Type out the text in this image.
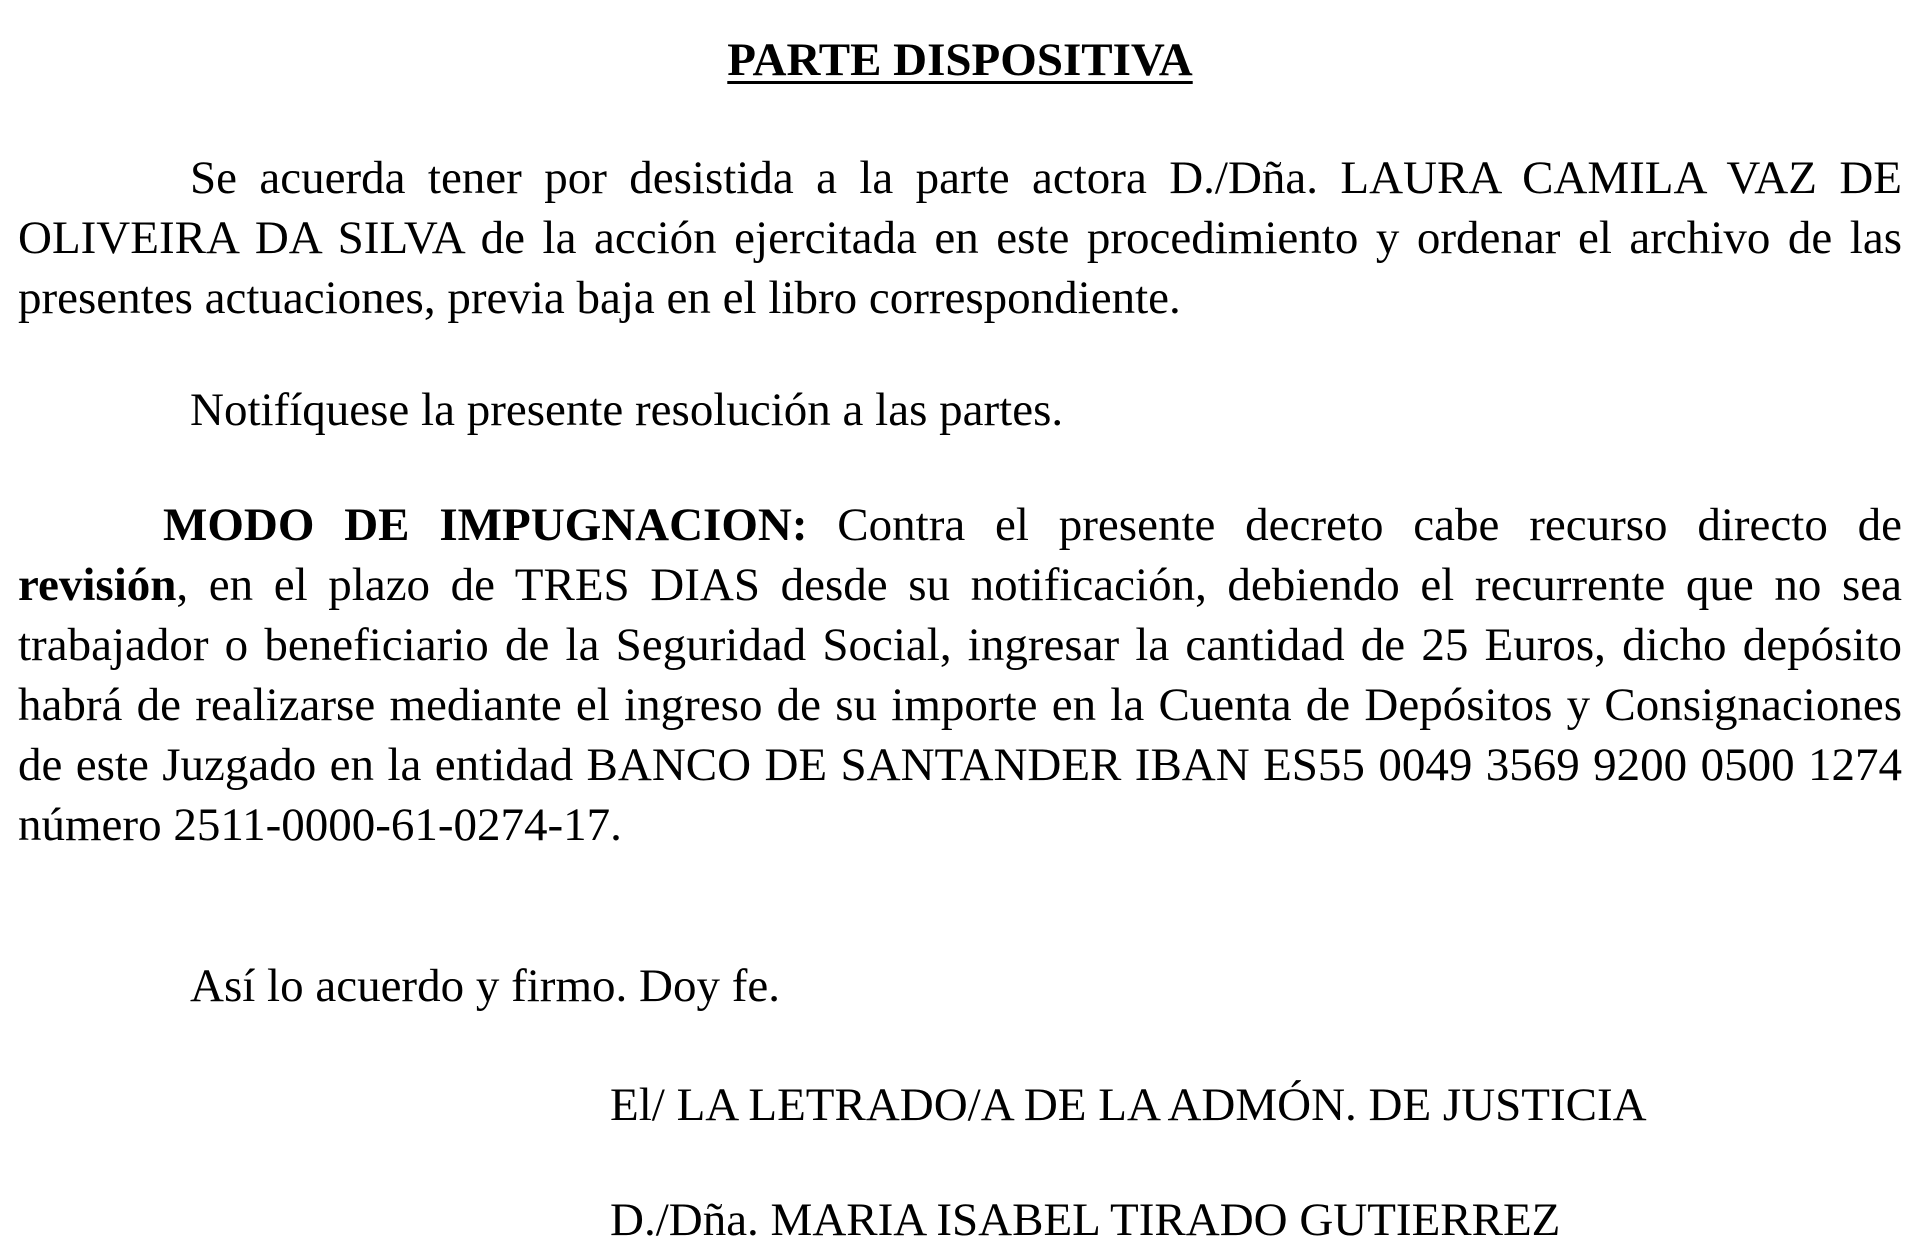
PARTE DISPOSITIVA

Se acuerda tener por desistida a la parte actora D./Dña. LAURA CAMILA VAZ DE OLIVEIRA DA SILVA de la acción ejercitada en este procedimiento y ordenar el archivo de las presentes actuaciones, previa baja en el libro correspondiente.

Notifíquese la presente resolución a las partes.

MODO DE IMPUGNACION: Contra el presente decreto cabe recurso directo de revisión, en el plazo de TRES DIAS desde su notificación, debiendo el recurrente que no sea trabajador o beneficiario de la Seguridad Social, ingresar la cantidad de 25 Euros, dicho depósito habrá de realizarse mediante el ingreso de su importe en la Cuenta de Depósitos y Consignaciones de este Juzgado en la entidad BANCO DE SANTANDER IBAN ES55 0049 3569 9200 0500 1274 número 2511-0000-61-0274-17.

Así lo acuerdo y firmo. Doy fe.

El/ LA LETRADO/A DE LA ADMÓN. DE JUSTICIA
D./Dña. MARIA ISABEL TIRADO GUTIERREZ
